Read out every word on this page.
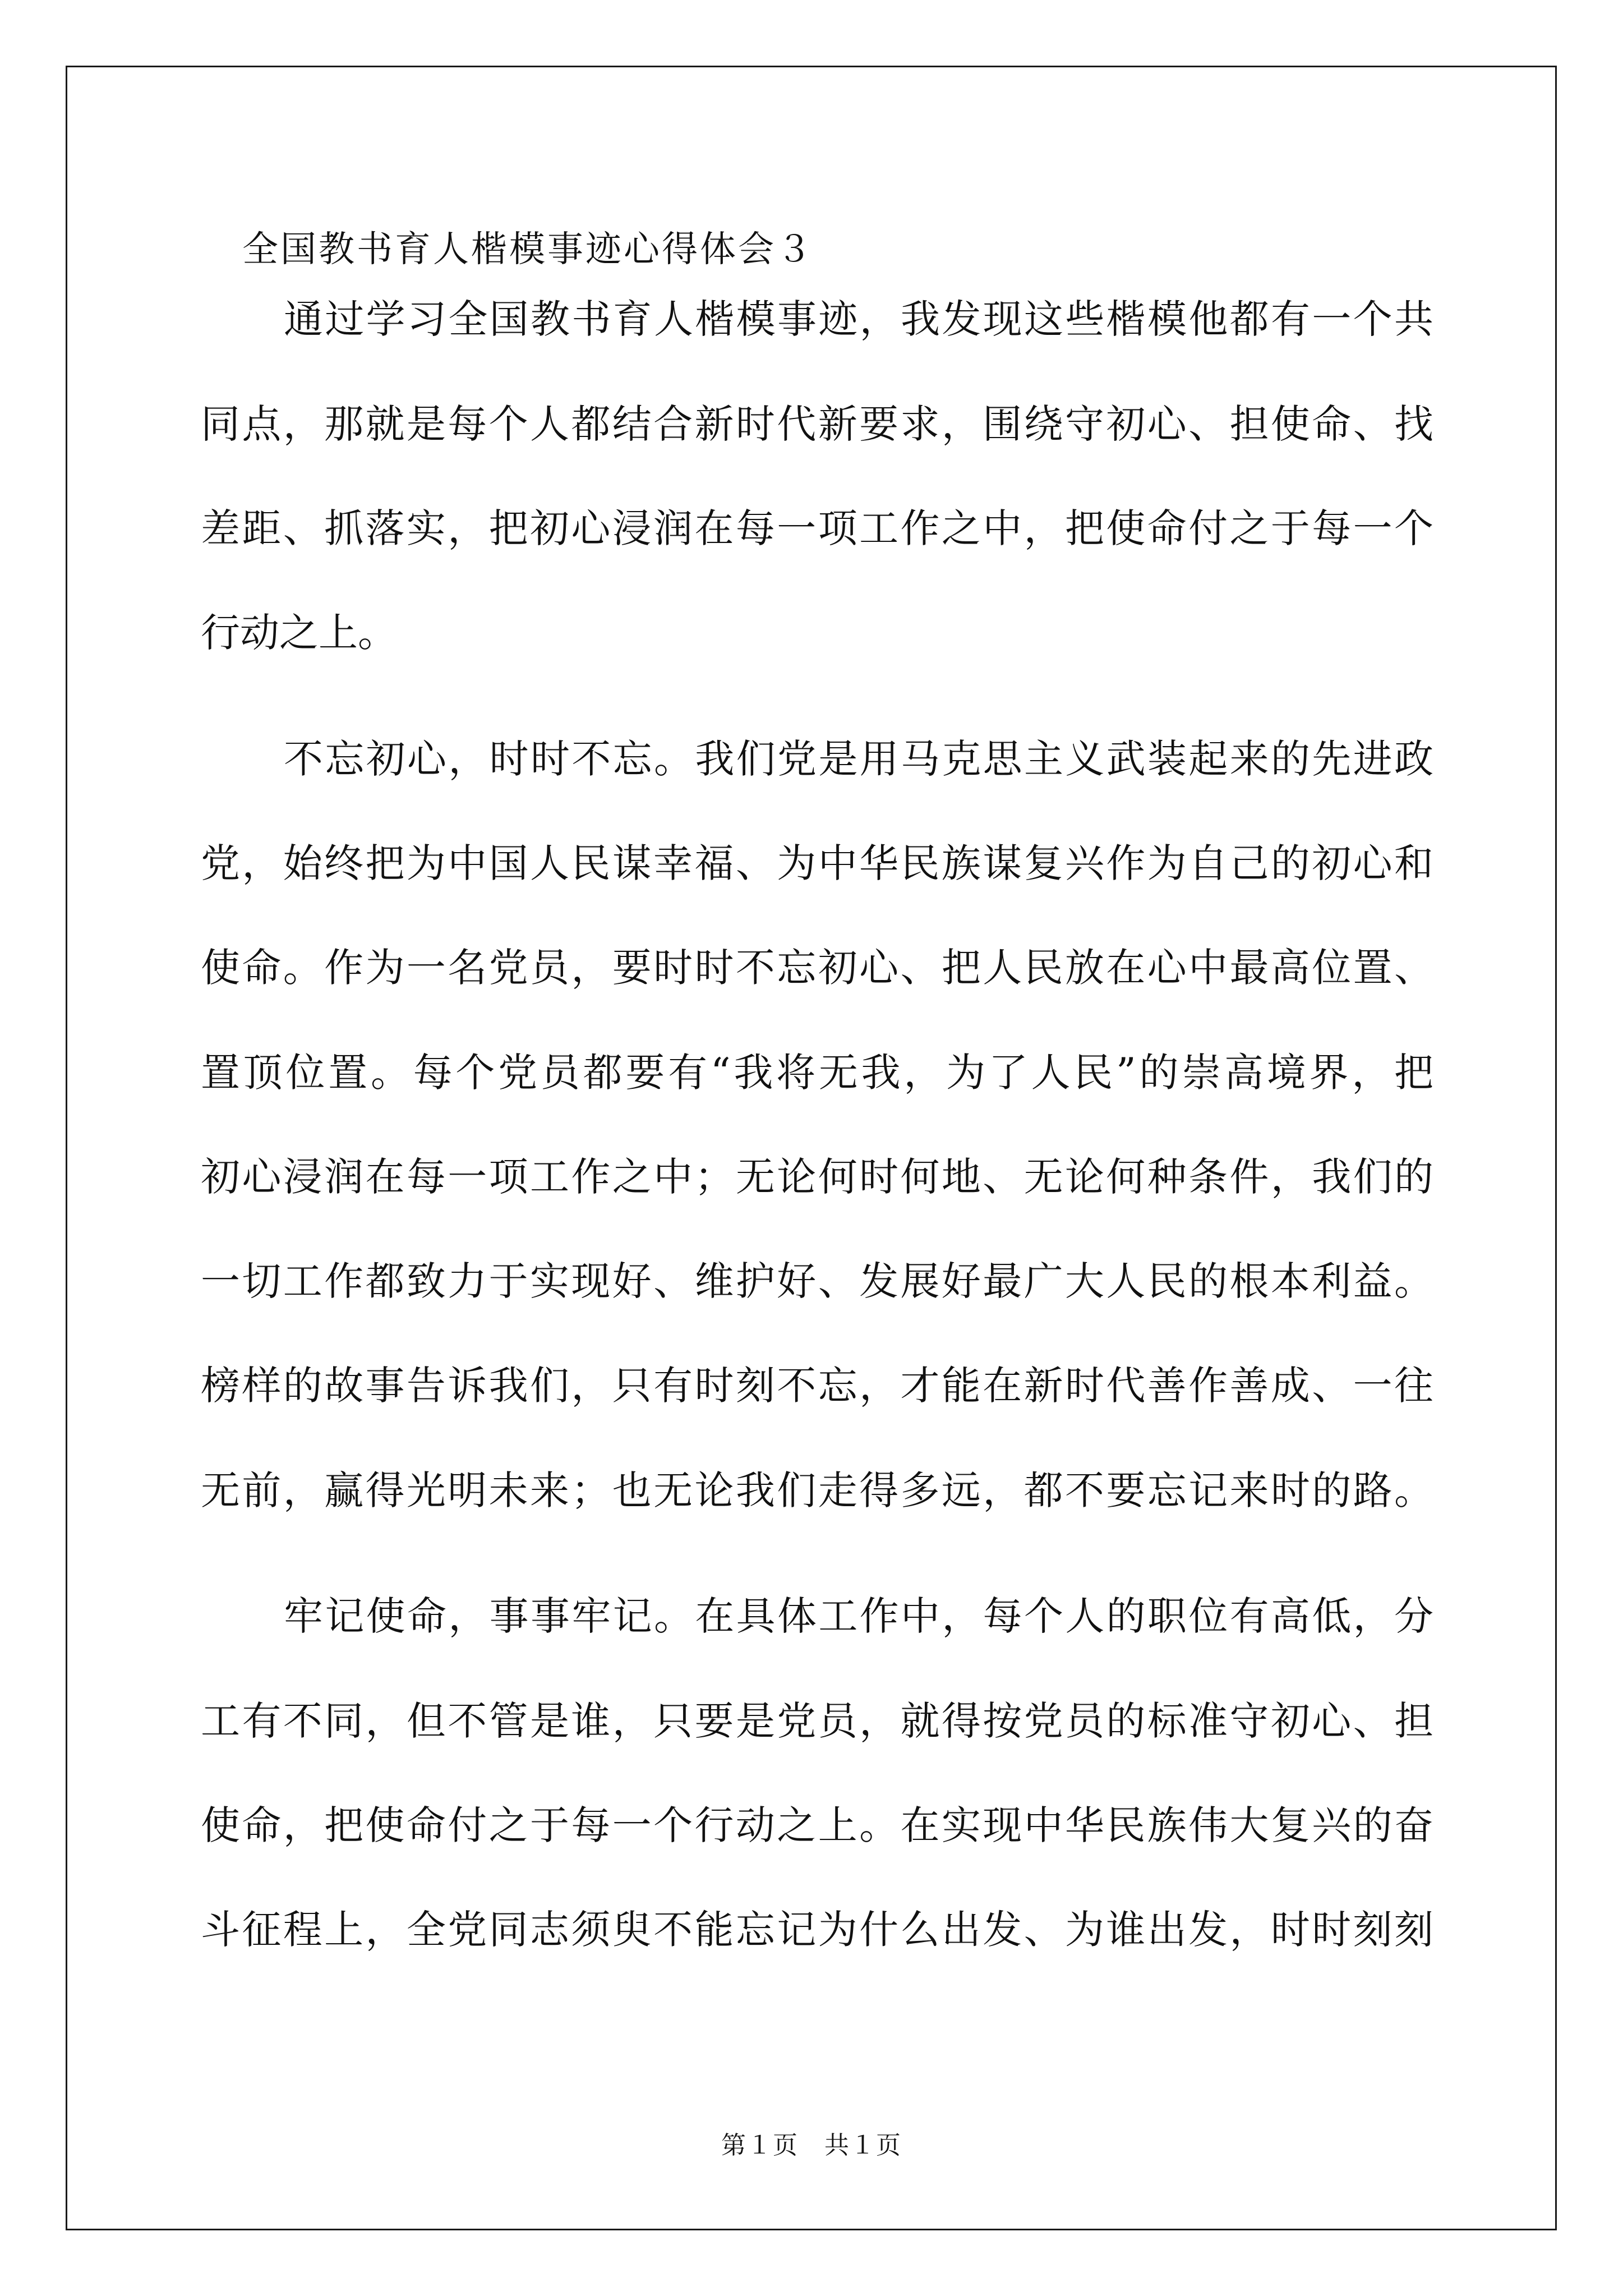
全国教书育人楷模事迹心得体会３
通过学习全国教书育人楷模事迹，我发现这些楷模他都有一个共
同点，那就是每个人都结合新时代新要求，围绕守初心、担使命、找
差距、抓落实，把初心浸润在每一项工作之中，把使命付之于每一个
行动之上。
不忘初心，时时不忘。我们党是用马克思主义武装起来的先进政
党，始终把为中国人民谋幸福、为中华民族谋复兴作为自己的初心和
使命。作为一名党员，要时时不忘初心、把人民放在心中最高位置、
置顶位置。每个党员都要有“我将无我，为了人民”的崇高境界，把
初心浸润在每一项工作之中；无论何时何地、无论何种条件，我们的
一切工作都致力于实现好、维护好、发展好最广大人民的根本利益。
榜样的故事告诉我们，只有时刻不忘，才能在新时代善作善成、一往
无前，赢得光明未来；也无论我们走得多远，都不要忘记来时的路。
牢记使命，事事牢记。在具体工作中，每个人的职位有高低，分
工有不同，但不管是谁，只要是党员，就得按党员的标准守初心、担
使命，把使命付之于每一个行动之上。在实现中华民族伟大复兴的奋
斗征程上，全党同志须臾不能忘记为什么出发、为谁出发，时时刻刻
第１页　共１页
